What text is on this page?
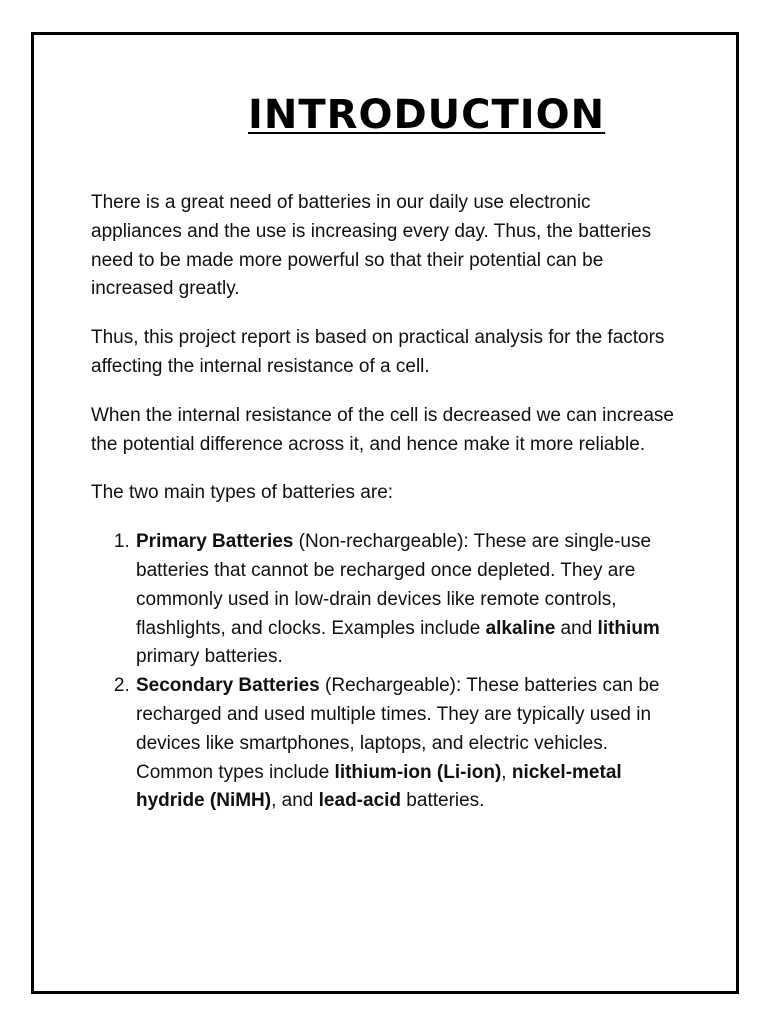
INTRODUCTION

There is a great need of batteries in our daily use electronic appliances and the use is increasing every day. Thus, the batteries need to be made more powerful so that their potential can be increased greatly.

Thus, this project report is based on practical analysis for the factors affecting the internal resistance of a cell.

When the internal resistance of the cell is decreased we can increase the potential difference across it, and hence make it more reliable.

The two main types of batteries are:

1. Primary Batteries (Non-rechargeable): These are single-use batteries that cannot be recharged once depleted. They are commonly used in low-drain devices like remote controls, flashlights, and clocks. Examples include alkaline and lithium primary batteries.
2. Secondary Batteries (Rechargeable): These batteries can be recharged and used multiple times. They are typically used in devices like smartphones, laptops, and electric vehicles. Common types include lithium-ion (Li-ion), nickel-metal hydride (NiMH), and lead-acid batteries.
